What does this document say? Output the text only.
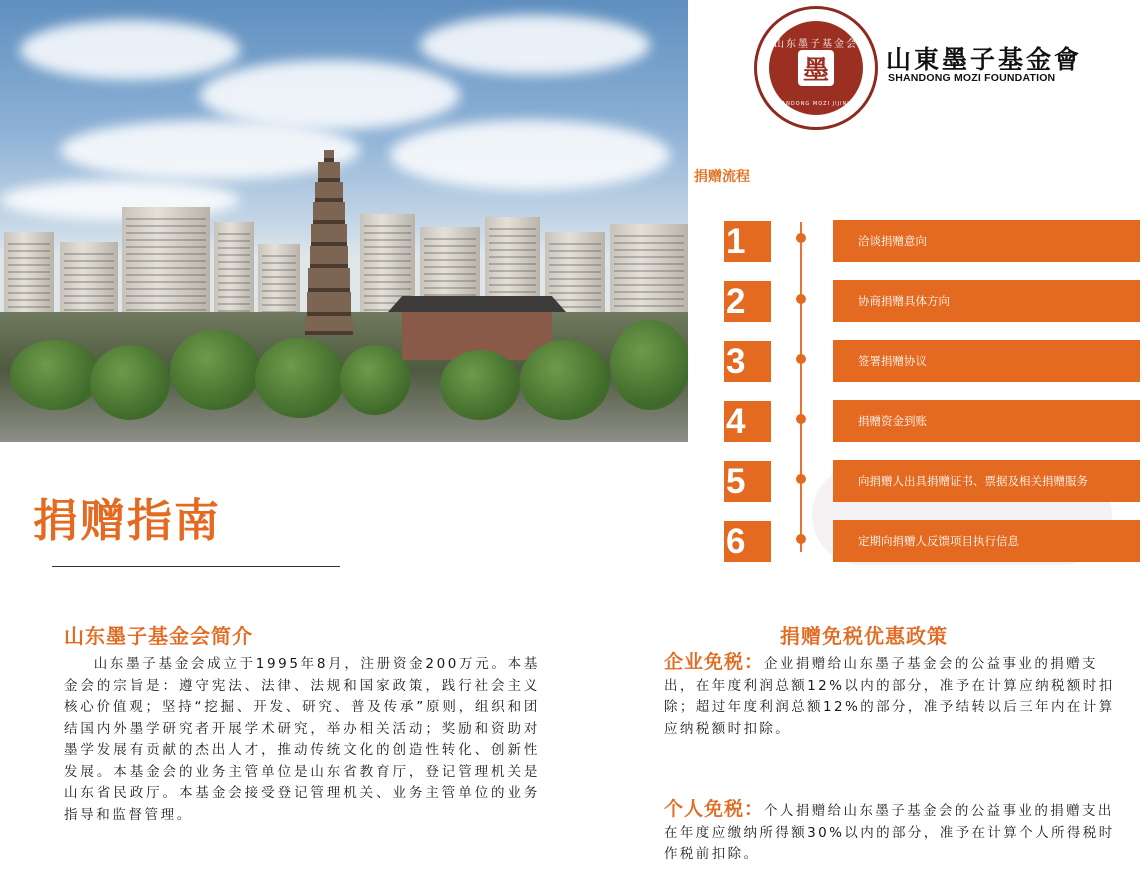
山东墨子基金会
墨
SHANDONG MOZI JIJINHUI
山東墨子基金會
SHANDONG MOZI FOUNDATION
捐赠流程
1	洽谈捐赠意向
2	协商捐赠具体方向
3	签署捐赠协议
4	捐赠资金到账
5	向捐赠人出具捐赠证书、票据及相关捐赠服务
6	定期向捐赠人反馈项目执行信息
捐赠指南
山东墨子基金会简介
山东墨子基金会成立于1995年8月，注册资金200万元。本基金会的宗旨是：遵守宪法、法律、法规和国家政策，践行社会主义核心价值观；坚持“挖掘、开发、研究、普及传承”原则，组织和团结国内外墨学研究者开展学术研究，举办相关活动；奖励和资助对墨学发展有贡献的杰出人才，推动传统文化的创造性转化、创新性发展。本基金会的业务主管单位是山东省教育厅，登记管理机关是山东省民政厅。本基金会接受登记管理机关、业务主管单位的业务指导和监督管理。
捐赠免税优惠政策
企业免税：企业捐赠给山东墨子基金会的公益事业的捐赠支出，在年度利润总额12%以内的部分，准予在计算应纳税额时扣除；超过年度利润总额12%的部分，准予结转以后三年内在计算应纳税额时扣除。
个人免税：个人捐赠给山东墨子基金会的公益事业的捐赠支出在年度应缴纳所得额30%以内的部分，准予在计算个人所得税时作税前扣除。
